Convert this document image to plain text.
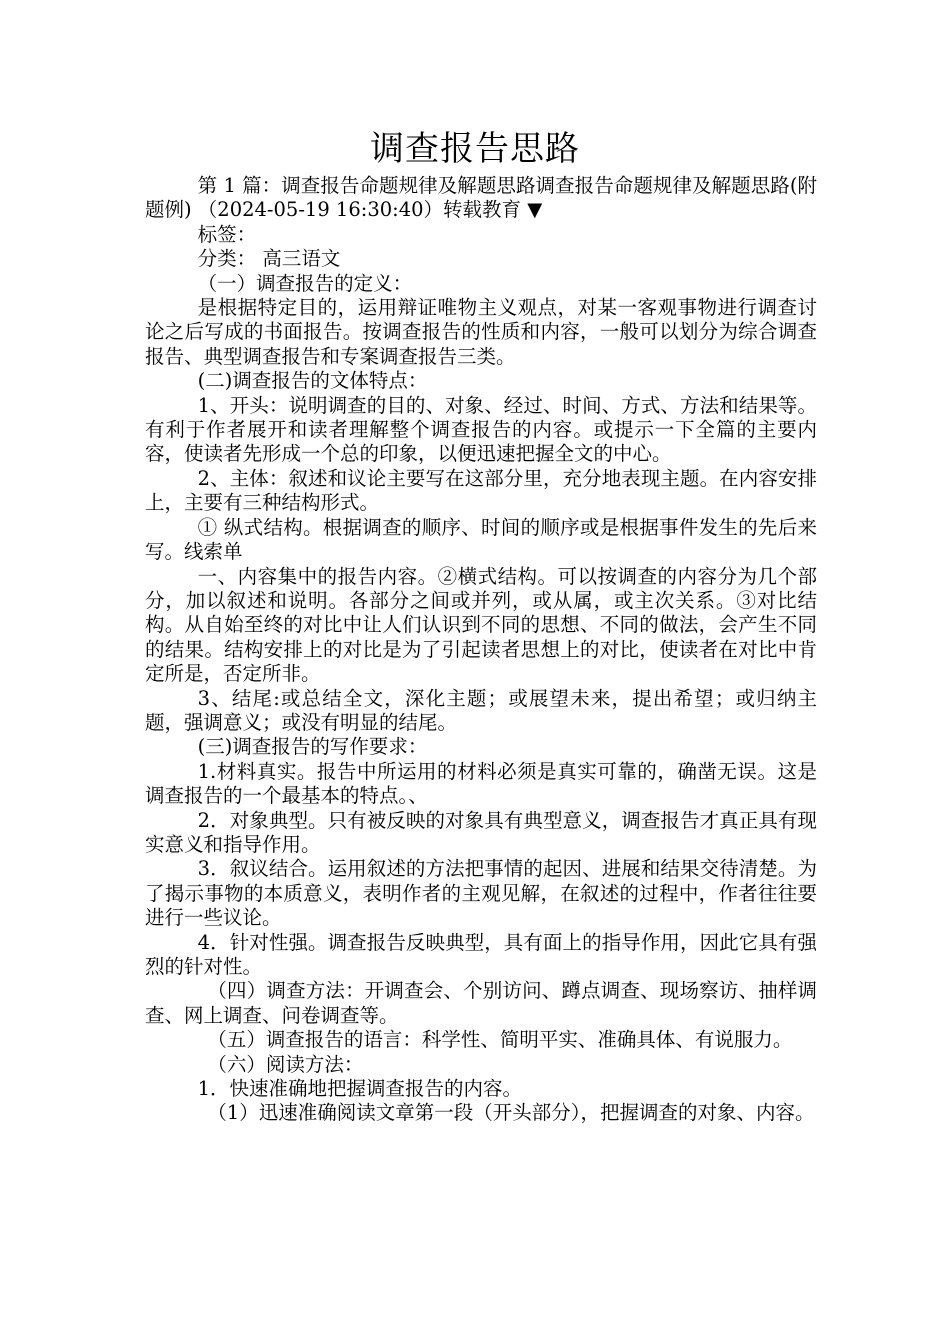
调查报告思路

第 1 篇：调查报告命题规律及解题思路调查报告命题规律及解题思路(附题例) （2024-05-19 16:30:40）转载教育 ▼

标签：

分类： 高三语文

（一）调查报告的定义：

是根据特定目的，运用辩证唯物主义观点，对某一客观事物进行调查讨论之后写成的书面报告。按调查报告的性质和内容，一般可以划分为综合调查报告、典型调查报告和专案调查报告三类。

(二)调查报告的文体特点：

1、开头：说明调查的目的、对象、经过、时间、方式、方法和结果等。有利于作者展开和读者理解整个调查报告的内容。或提示一下全篇的主要内容，使读者先形成一个总的印象，以便迅速把握全文的中心。

2、主体：叙述和议论主要写在这部分里，充分地表现主题。在内容安排上，主要有三种结构形式。

① 纵式结构。根据调查的顺序、时间的顺序或是根据事件发生的先后来写。线索单

一、内容集中的报告内容。②横式结构。可以按调查的内容分为几个部分，加以叙述和说明。各部分之间或并列，或从属，或主次关系。③对比结构。从自始至终的对比中让人们认识到不同的思想、不同的做法，会产生不同的结果。结构安排上的对比是为了引起读者思想上的对比，使读者在对比中肯定所是，否定所非。

3、结尾:或总结全文，深化主题；或展望未来，提出希望；或归纳主题，强调意义；或没有明显的结尾。

(三)调查报告的写作要求：

1.材料真实。报告中所运用的材料必须是真实可靠的，确凿无误。这是调查报告的一个最基本的特点。、

2．对象典型。只有被反映的对象具有典型意义，调查报告才真正具有现实意义和指导作用。

3．叙议结合。运用叙述的方法把事情的起因、进展和结果交待清楚。为了揭示事物的本质意义，表明作者的主观见解，在叙述的过程中，作者往往要进行一些议论。

4．针对性强。调查报告反映典型，具有面上的指导作用，因此它具有强烈的针对性。

（四）调查方法：开调查会、个别访问、蹲点调查、现场察访、抽样调查、网上调查、问卷调查等。

（五）调查报告的语言：科学性、简明平实、准确具体、有说服力。

（六）阅读方法：

1．快速准确地把握调查报告的内容。

（1）迅速准确阅读文章第一段（开头部分），把握调查的对象、内容。
